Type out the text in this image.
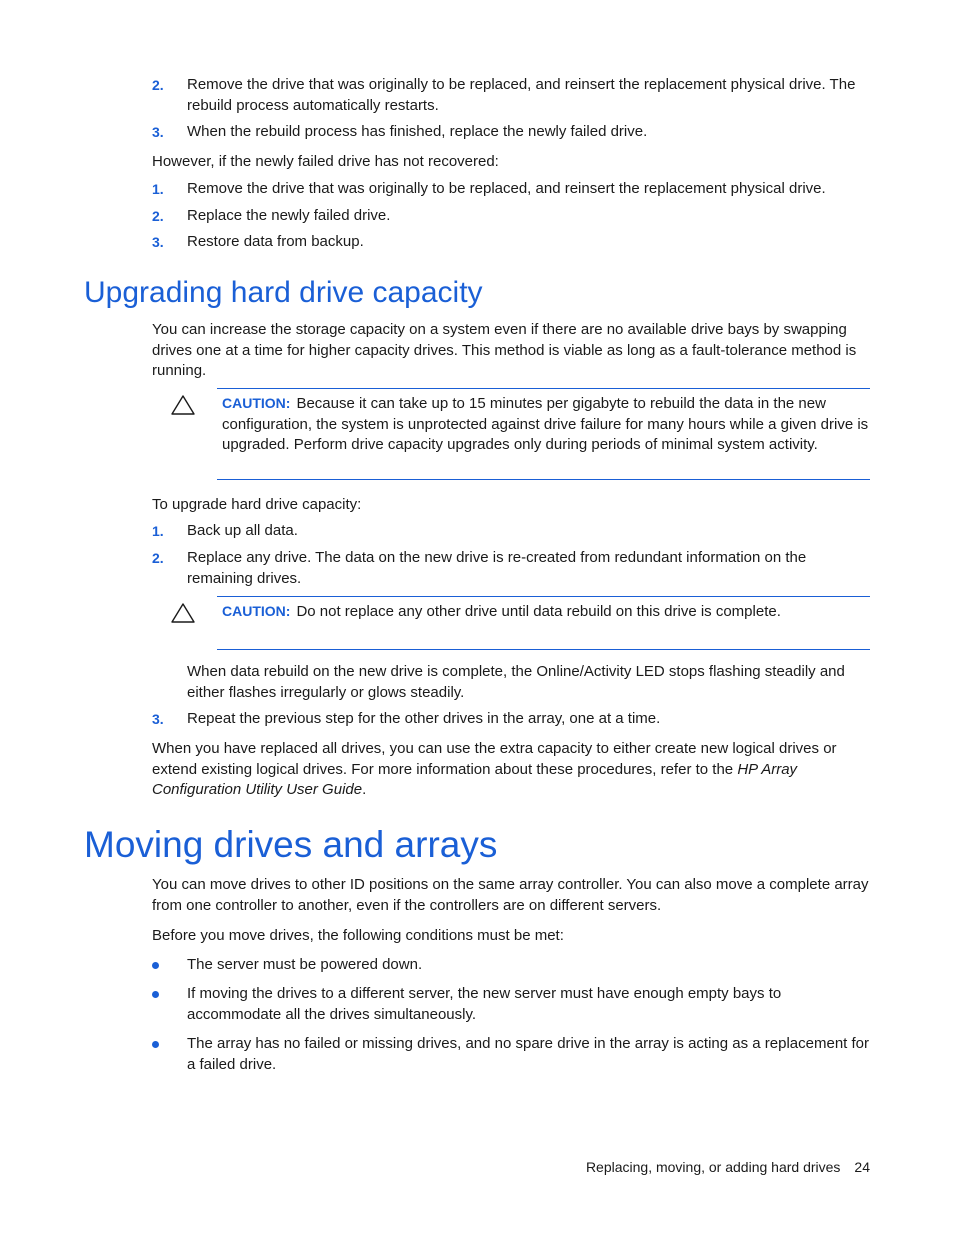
2.	Remove the drive that was originally to be replaced, and reinsert the replacement physical drive. The rebuild process automatically restarts.
3.	When the rebuild process has finished, replace the newly failed drive.

However, if the newly failed drive has not recovered:

1.	Remove the drive that was originally to be replaced, and reinsert the replacement physical drive.
2.	Replace the newly failed drive.
3.	Restore data from backup.
Upgrading hard drive capacity

You can increase the storage capacity on a system even if there are no available drive bays by swapping drives one at a time for higher capacity drives. This method is viable as long as a fault-tolerance method is running.

CAUTION: Because it can take up to 15 minutes per gigabyte to rebuild the data in the new configuration, the system is unprotected against drive failure for many hours while a given drive is upgraded. Perform drive capacity upgrades only during periods of minimal system activity.

To upgrade hard drive capacity:

1.	Back up all data.
2.	Replace any drive. The data on the new drive is re-created from redundant information on the remaining drives.
CAUTION: Do not replace any other drive until data rebuild on this drive is complete.

When data rebuild on the new drive is complete, the Online/Activity LED stops flashing steadily and either flashes irregularly or glows steadily.

3.	Repeat the previous step for the other drives in the array, one at a time.

When you have replaced all drives, you can use the extra capacity to either create new logical drives or extend existing logical drives. For more information about these procedures, refer to the HP Array Configuration Utility User Guide.

Moving drives and arrays

You can move drives to other ID positions on the same array controller. You can also move a complete array from one controller to another, even if the controllers are on different servers.

Before you move drives, the following conditions must be met:

The server must be powered down.
If moving the drives to a different server, the new server must have enough empty bays to accommodate all the drives simultaneously.
The array has no failed or missing drives, and no spare drive in the array is acting as a replacement for a failed drive.
Replacing, moving, or adding hard drives 24
